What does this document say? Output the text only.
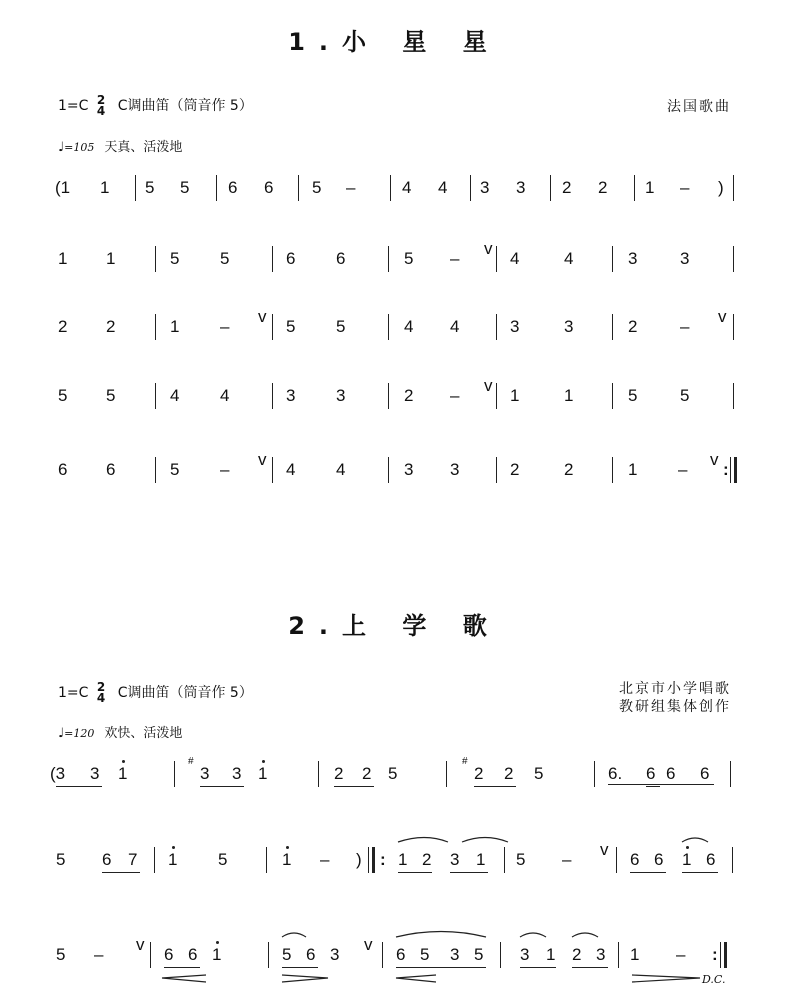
1.小 星 星
1=C 2
4 C调曲笛（筒音作 5）	法国歌曲
♩=105 天真、活泼地
(1 1 5 5 6 6 5 –	4 4 3 3 2 2 1 – )
1 1	5 5	6 6	5 –
v
4	4	3	3
2 2	1 –
v
5 5	4 4	3	3	2	–
v
5 5	4 4	3 3	2 –
v
1	1	5	5
6 6	5 –
v
4 4	3 3	2	2	1 –
v
:
2.上 学 歌
1=C 2
4 C调曲笛（筒音作 5）	北京市小学唱歌
教研组集体创作
♩=120 欢快、活泼地
(3 3 1
#
3 3 1	2 2 5
#
2 2 5	6. 6 6 6
5 6 7 1 5	1 – ) : 1 2 3 1 5 –
v
6 6 1 6
5 –
v
6 6 1	5 6 3
v
6 5 3 5 3 1 2 3 1 – :
D.C.
